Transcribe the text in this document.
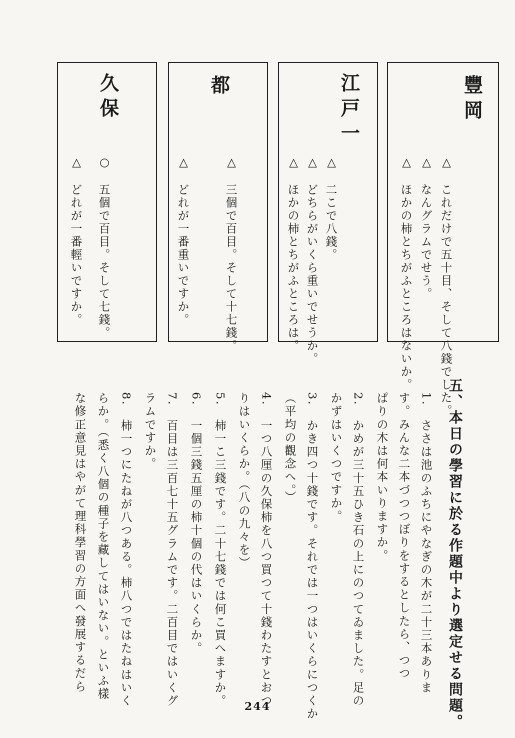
豐岡
△　これだけで五十目、そして八錢でした。
△　なんグラムでせう。
△　ほかの柿とちがふところはないか。
江戸一
△　二こで八錢。
△　どちらがいくら重いでせうか。
△　ほかの柿とちがふところは。
都
△　三個で百目。そして十七錢。
△　どれが一番重いですか。
久保
○　五個で百目。そして七錢。
△　どれが一番輕いですか。
五、本日の學習に於る作題中より選定せる問題。
1.　ささは池のふちにやなぎの木が二十三本ありま
す。みんな二本づつつぼりをするとしたら、つつ
ぱりの木は何本いりますか。
2.　かめが三十五ひき石の上にのつてゐました。足の
かずはいくつですか。
3.　かき四つ十錢です。それでは一つはいくらにつくか
（平均の觀念へ。）
4.　一つ八厘の久保柿を八つ買つて十錢わたすとおつ
りはいくらか。（八の九々を）
5.　柿一こ三錢です。二十七錢では何こ買へますか。
6.　一個三錢五厘の柿十個の代はいくらか。
7.　百目は三百七十五グラムです。二百目ではいくグ
ラムですか。
8.　柿一つにたねが八つある。柿八つではたねはいく
らか。（悉く八個の種子を藏してはいない。といふ樣
な修正意見はやがて理科學習の方面へ發展するだら
244
